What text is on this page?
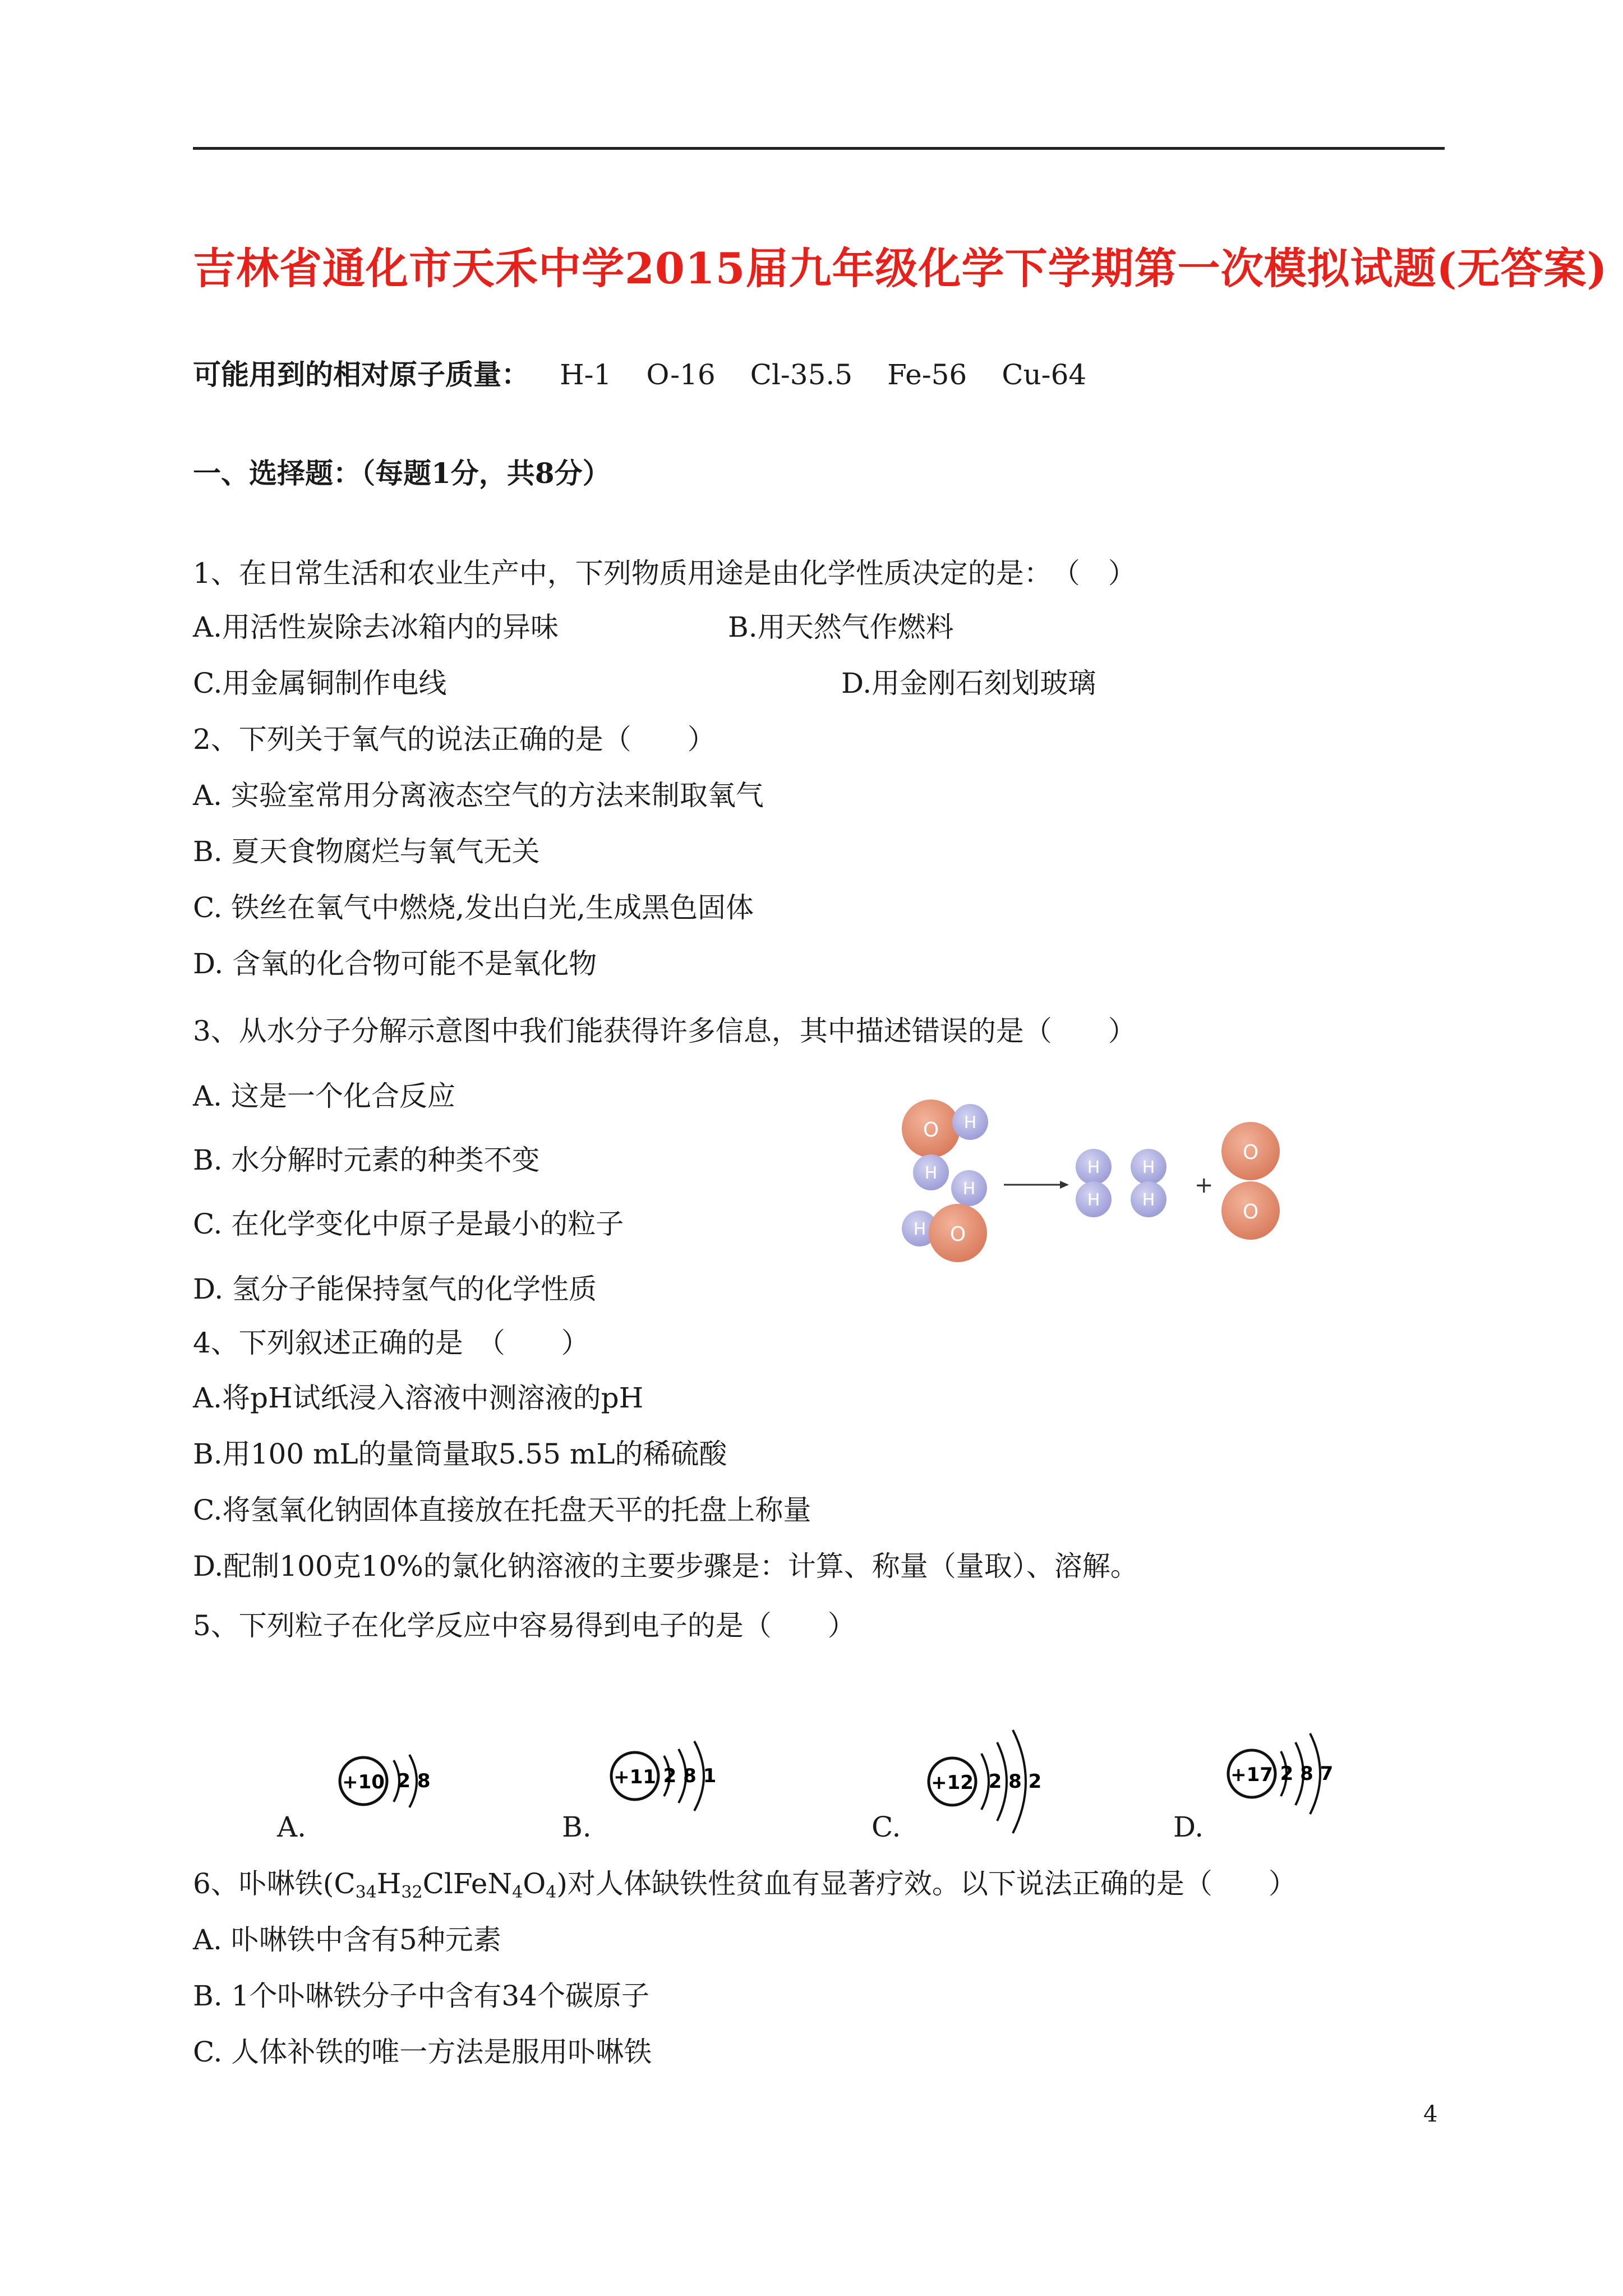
吉林省通化市天禾中学2015届九年级化学下学期第一次模拟试题(无答案)
可能用到的相对原子质量： H-1 O-16 Cl-35.5 Fe-56 Cu-64
一、选择题：（每题1分，共8分）
1、在日常生活和农业生产中，下列物质用途是由化学性质决定的是：　（　）
A.用活性炭除去冰箱内的异味	B.用天然气作燃料
C.用金属铜制作电线	D.用金刚石刻划玻璃
2、下列关于氧气的说法正确的是（　　）
A. 实验室常用分离液态空气的方法来制取氧气
B. 夏天食物腐烂与氧气无关
C. 铁丝在氧气中燃烧,发出白光,生成黑色固体
D. 含氧的化合物可能不是氧化物
3、从水分子分解示意图中我们能获得许多信息，其中描述错误的是（　　）
A. 这是一个化合反应
B. 水分解时元素的种类不变
C. 在化学变化中原子是最小的粒子
D. 氢分子能保持氢气的化学性质
O H
H
H
H O
H
H
H
H
+
O
O
4、下列叙述正确的是　（　　）
A.将pH试纸浸入溶液中测溶液的pH
B.用100 mL的量筒量取5.55 mL的稀硫酸
C.将氢氧化钠固体直接放在托盘天平的托盘上称量
D.配制100克10%的氯化钠溶液的主要步骤是：计算、称量（量取）、溶解。
5、下列粒子在化学反应中容易得到电子的是（　　）
+10 2 8
A.
+11 2 8 1
B.
+12 2 8 2
C.
+17 2 8 7
D.
6、卟啉铁$(C_{34}H_{32}ClFeN_4O_4)$对人体缺铁性贫血有显著疗效。以下说法正确的是（　　）
A. 卟啉铁中含有5种元素
B. 1个卟啉铁分子中含有34个碳原子
C. 人体补铁的唯一方法是服用卟啉铁
4
